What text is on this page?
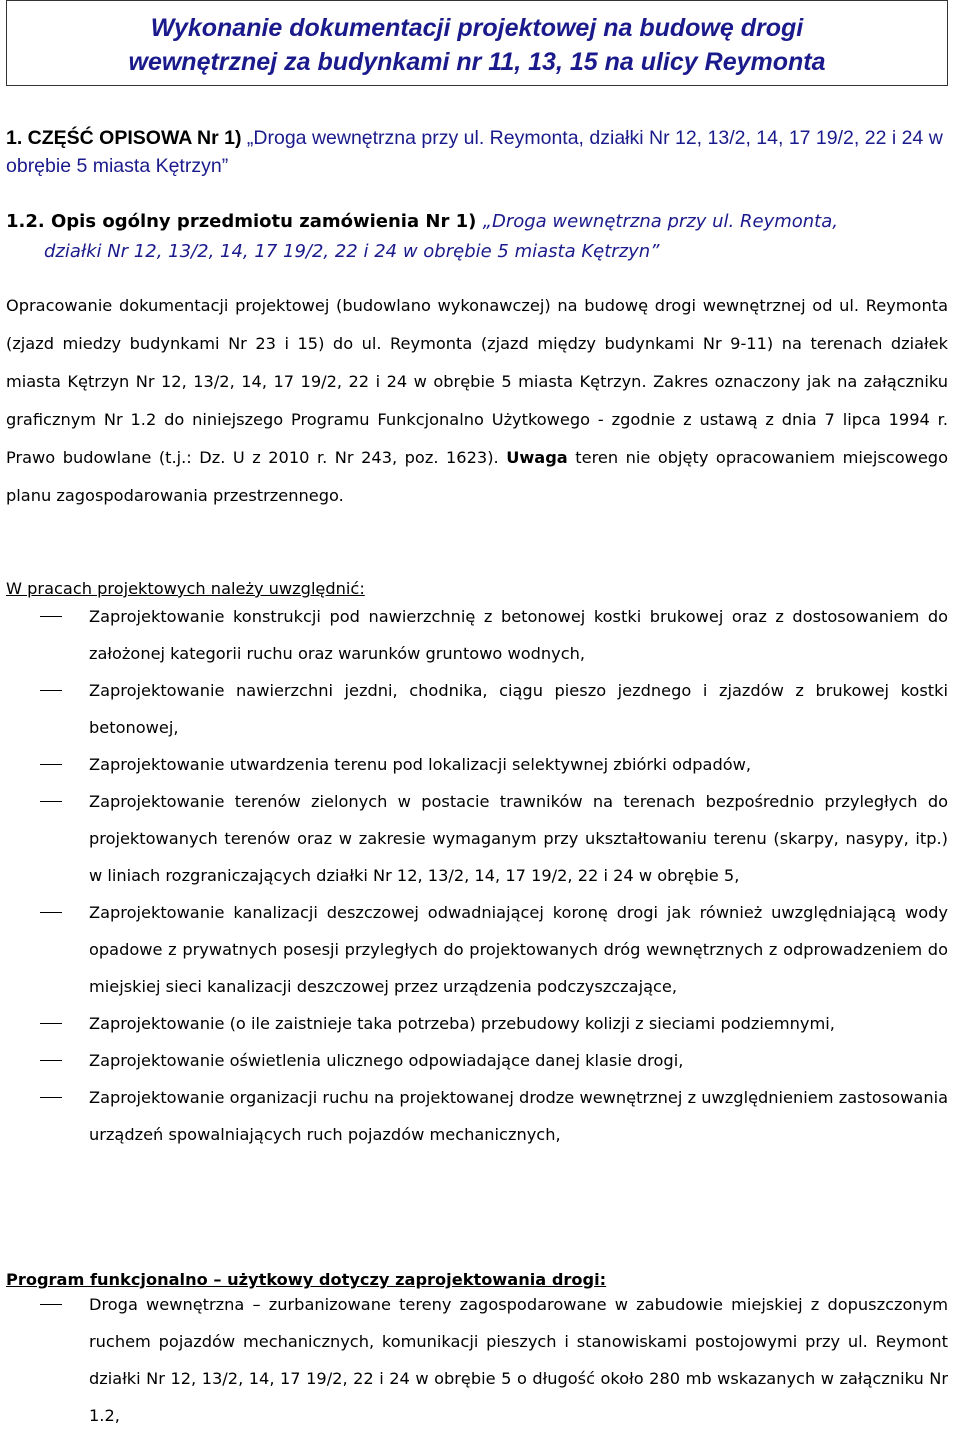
Wykonanie dokumentacji projektowej na budowę drogi
wewnętrznej za budynkami nr 11, 13, 15 na ulicy Reymonta
1. CZĘŚĆ OPISOWA Nr 1) „Droga wewnętrzna przy ul. Reymonta, działki Nr 12, 13/2, 14, 17 19/2, 22 i 24 w obrębie 5 miasta Kętrzyn”
1.2. Opis ogólny przedmiotu zamówienia Nr 1) „Droga wewnętrzna przy ul. Reymonta,
działki Nr 12, 13/2, 14, 17 19/2, 22 i 24 w obrębie 5 miasta Kętrzyn”
Opracowanie dokumentacji projektowej (budowlano wykonawczej) na budowę drogi wewnętrznej od ul. Reymonta (zjazd miedzy budynkami Nr 23 i 15) do ul. Reymonta (zjazd między budynkami Nr 9-11) na terenach działek miasta Kętrzyn Nr 12, 13/2, 14, 17 19/2, 22 i 24 w obrębie 5 miasta Kętrzyn. Zakres oznaczony jak na załączniku graficznym Nr 1.2 do niniejszego Programu Funkcjonalno Użytkowego - zgodnie z ustawą z dnia 7 lipca 1994 r. Prawo budowlane (t.j.: Dz. U z 2010 r. Nr 243, poz. 1623). Uwaga teren nie objęty opracowaniem miejscowego planu zagospodarowania przestrzennego.
W pracach projektowych należy uwzględnić:
Zaprojektowanie konstrukcji pod nawierzchnię z betonowej kostki brukowej oraz z dostosowaniem do założonej kategorii ruchu oraz warunków gruntowo wodnych,
Zaprojektowanie nawierzchni jezdni, chodnika, ciągu pieszo jezdnego i zjazdów z brukowej kostki betonowej,
Zaprojektowanie utwardzenia terenu pod lokalizacji selektywnej zbiórki odpadów,
Zaprojektowanie terenów zielonych w postacie trawników na terenach bezpośrednio przyległych do projektowanych terenów oraz w zakresie wymaganym przy ukształtowaniu terenu (skarpy, nasypy, itp.) w liniach rozgraniczających działki Nr 12, 13/2, 14, 17 19/2, 22 i 24 w obrębie 5,
Zaprojektowanie kanalizacji deszczowej odwadniającej koronę drogi jak również uwzględniającą wody opadowe z prywatnych posesji przyległych do projektowanych dróg wewnętrznych z odprowadzeniem do miejskiej sieci kanalizacji deszczowej przez urządzenia podczyszczające,
Zaprojektowanie (o ile zaistnieje taka potrzeba) przebudowy kolizji z sieciami podziemnymi,
Zaprojektowanie oświetlenia ulicznego odpowiadające danej klasie drogi,
Zaprojektowanie organizacji ruchu na projektowanej drodze wewnętrznej z uwzględnieniem zastosowania urządzeń spowalniających ruch pojazdów mechanicznych,
Program funkcjonalno – użytkowy dotyczy zaprojektowania drogi:
Droga wewnętrzna – zurbanizowane tereny zagospodarowane w zabudowie miejskiej z dopuszczonym ruchem pojazdów mechanicznych, komunikacji pieszych i stanowiskami postojowymi przy ul. Reymont działki Nr 12, 13/2, 14, 17 19/2, 22 i 24 w obrębie 5 o długość około 280 mb wskazanych w załączniku Nr 1.2,
